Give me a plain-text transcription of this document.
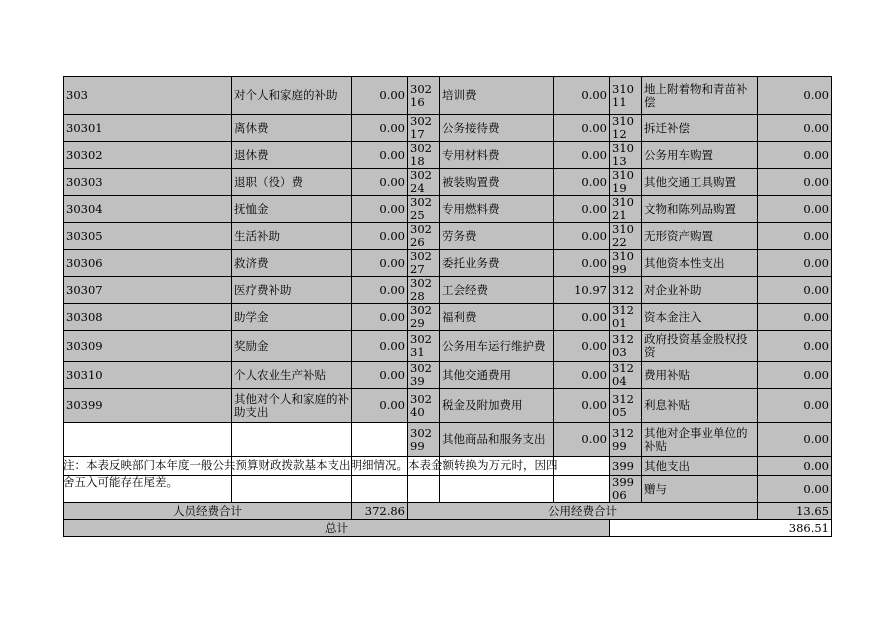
303	对个人和家庭的补助	0.00	30216	培训费	0.00	31011	地上附着物和青苗补偿	0.00
30301	离休费	0.00	30217	公务接待费	0.00	31012	拆迁补偿	0.00
30302	退休费	0.00	30218	专用材料费	0.00	31013	公务用车购置	0.00
30303	退职（役）费	0.00	30224	被装购置费	0.00	31019	其他交通工具购置	0.00
30304	抚恤金	0.00	30225	专用燃料费	0.00	31021	文物和陈列品购置	0.00
30305	生活补助	0.00	30226	劳务费	0.00	31022	无形资产购置	0.00
30306	救济费	0.00	30227	委托业务费	0.00	31099	其他资本性支出	0.00
30307	医疗费补助	0.00	30228	工会经费	10.97	312	对企业补助	0.00
30308	助学金	0.00	30229	福利费	0.00	31201	资本金注入	0.00
30309	奖励金	0.00	30231	公务用车运行维护费	0.00	31203	政府投资基金股权投资	0.00
30310	个人农业生产补贴	0.00	30239	其他交通费用	0.00	31204	费用补贴	0.00
30399	其他对个人和家庭的补助支出	0.00	30240	税金及附加费用	0.00	31205	利息补贴	0.00
			30299	其他商品和服务支出	0.00	31299	其他对企事业单位的补贴	0.00
						399	其他支出	0.00
						39906	赠与	0.00
人员经费合计		372.86	公用经费合计					13.65
总计						386.51		
注：本表反映部门本年度一般公共预算财政拨款基本支出明细情况。本表金额转换为万元时，因四舍五入可能存在尾差。
